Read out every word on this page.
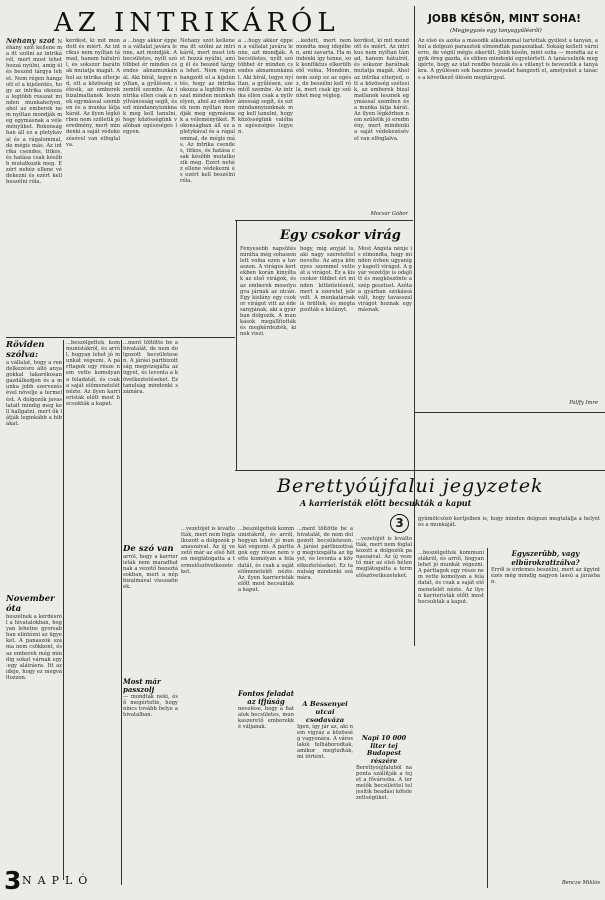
AZ INTRIKÁRÓL
Néhány szót Néhány szót kellene ma itt szólni az intrikáról, mert most lehet hozzá nyúlni, amíg él és beszéd tárgya lehet. Nem régen hangzott el a kijelentés, hogy az intrika okozza a legtöbb rosszat minden munkahelyen, ahol az emberek nem nyíltan mondják meg egymásnak a véleményüket. Rokonságban áll ez a pletykával és a rágalommal, de mégis más. Az intrika csendes, titkos, és hatása csak később mutatkozik meg. Ezért nehéz ellene védekezni és ezért kell beszélni róla.
kérdést, ki mit mondott és miért. Az intrikus nem nyíltan támad, hanem hátulról, és sokszor barátnak mutatja magát. Ahol az intrika elterjed, ott a közösség szétesik, az emberek bizalmatlanok lesznek egymással szemben és a munka látja kárát. Az ilyen légkörben nem születik jó eredmény, mert mindenki a saját védekezésével van elfoglalva.
a ...hogy akkor éppen a vállalat javára lenne, azt mondják. A becsületes, nyílt szó többet ér minden csendes aknamunkánál. Aki bírál, tegye nyíltan, a gyűlésen, szemtől szembe. Az intrika ellen csak a nyilvánosság segít, és ezt mindannyiunknak meg kell tanulni, hogy közösségünk valóban egészséges legyen.
Néhány szót kellene ma itt szólni az intrikáról, mert most lehet hozzá nyúlni, amíg él és beszéd tárgya lehet. Nem régen hangzott el a kijelentés, hogy az intrika okozza a legtöbb rosszat minden munkahelyen, ahol az emberek nem nyíltan mondják meg egymásnak a véleményüket. Rokonságban áll ez a pletykával és a rágalommal, de mégis más. Az intrika csendes, titkos, és hatása csak később mutatkozik meg. Ezért nehéz ellene védekezni és ezért kell beszélni róla.
a ...hogy akkor éppen a vállalat javára lenne, azt mondják. A becsületes, nyílt szó többet ér minden csendes aknamunkánál. Aki bírál, tegye nyíltan, a gyűlésen, szemtől szembe. Az intrika ellen csak a nyilvánosság segít, és ezt mindannyiunknak meg kell tanulni, hogy közösségünk valóban egészséges legyen.
...kedett, mert nem mondta meg idejében, ami zavarta. Ha mindenki így tenne, sok konfliktus elkerülhető volna. Mondom, nem szép ez az egész, de beszélni kell róla, mert csak így szűnhet meg végleg.
kérdést, ki mit mondott és miért. Az intrikus nem nyíltan támad, hanem hátulról, és sokszor barátnak mutatja magát. Ahol az intrika elterjed, ott a közösség szétesik, az emberek bizalmatlanok lesznek egymással szemben és a munka látja kárát. Az ilyen légkörben nem születik jó eredmény, mert mindenki a saját védekezésével van elfoglalva.
Mocsár Gábor
Röviden szólva:
a vállalat, hogy a rendelkezésre álló anyagokkal takarékosan gazdálkodjon és a munka jobb szervezésével növelje a termelést. A dolgozók javaslatait mindig meg kell hallgatni, mert ők látják leginkább a hibákat.
November óta
beszélnek a kérdésről a hivatalokban, hogyan lehetne gyorsabban elintézni az ügyeket. A panaszok száma nem csökkent, és az emberek még mindig sokat várnak egy-egy aláírásra. Itt az ideje, hogy ez megváltozzon.
JOBB KÉSŐN, MINT SOHA!
(Megjegyzés egy tanyagyűlésről)
Az első és azóta a második alkalommal tartottak gyűlést a tanyán, ahol a dolgozó parasztok elmondták panaszaikat. Sokáig kellett várni erre, de végül mégis sikerült. Jobb későn, mint soha — mondta az egyik öreg gazda, és ebben mindenki egyetértett. A tanácselnök megígérte, hogy az utat rendbe hozzák és a villanyt is bevezetik a tanyákra. A gyűlésen sok hasznos javaslat hangzott el, amelyeket a tanács a következő ülésén megtárgyal.
Pálffy Imre
Egy csokor virág
Fényesebb napsütés mintha még sohasem lett volna ezen a tavaszon. A virágos kertekben korán kinyíltak az első virágok, és az emberek mosolyogva járnak az utcán. Egy kislány egy csokor virágot vitt az édesanyjának, aki a gyárban dolgozik. A munkások megállították és megkérdezték, kinek viszi.
hogy, mig anyját is, aki nagy szeretettel nevelte. Az anya könnyes szemmel vette át a virágot. Ez a kis csokor többet ért minden kitüntetésnél, mert a szeretet jele volt. A munkatársak is örültek, és megtapsolták a kislányt.
Most Angéla nénje is elmondta, hogy minden évben ugyanígy kapott virágot. A gyár vezetője is odajött és megköszönte a szép gesztust. Azóta a gyárban szokássá vált, hogy tavasszal virágot hoznak egymásnak.
Berettyóújfalui jegyzetek
A karrieristák előtt becsukták a kaput
3
...beszélgettek kommunistákról, és arról, hogyan lehet jó munkát végezni. A párttagok egy része nem vette komolyan a feladatát, és csak a saját előmenetelét nézte. Az ilyen karrieristák előtt most becsukták a kaput.
...ment töltötte be a hivatalát, de nem dolgozott becsületesen. A járási pártbizottság megvizsgálta az ügyet, és levonta a következtetéseket. Ez tanulság mindenki számára.
De szó van
arról, hogy a karrieristák nem maradhatnak a vezető beosztásokban, mert a nép bizalmával visszaélnek.
Most már passzolj
— mondták neki, és ő megértette, hogy nincs tovább helye a hivatalban.
...vezetőjét is leváltották, mert nem foglalkozott a dolgozók panaszaival. Az új vezető már az első héten meglátogatta a termelőszövetkezeteket.
...beszélgettek kommunistákról, és arról, hogyan lehet jó munkát végezni. A párttagok egy része nem vette komolyan a feladatát, és csak a saját előmenetelét nézte. Az ilyen karrieristák előtt most becsukták a kaput.
Fontos feladat az ifjúság
nevelése, hogy a fiatalok becsületes, munkaszerető emberekké váljanak.
...ment töltötte be a hivatalát, de nem dolgozott becsületesen. A járási pártbizottság megvizsgálta az ügyet, és levonta a következtetéseket. Ez tanulság mindenki számára.
A Bessenyei utcai csodaváza
Igen, így jár az, aki nem vigyáz a közösség vagyonára. A város lakói felháborodtak, amikor megtudták, mi történt.
...vezetőjét is leváltották, mert nem foglalkozott a dolgozók panaszaival. Az új vezető már az első héten meglátogatta a termelőszövetkezeteket.
Napi 10 000 liter tej Budapest részére
Berettyóújfaluból naponta szállítják a tejet a fővárosba. A termelők becsülettel teljesítik beadási kötelezettségüket.
gyümölcsöző kertjeiben is, hogy minden dolgozó megtalálja a helyét és a munkáját.
...beszélgettek kommunistákról, és arról, hogyan lehet jó munkát végezni. A párttagok egy része nem vette komolyan a feladatát, és csak a saját előmenetelét nézte. Az ilyen karrieristák előtt most becsukták a kaput.
Egyszerűbb, vagy elbürokratizálva?
Erről is érdemes beszélni, mert az ügyintézés még mindig nagyon lassú a járásban.
Bencze Miklós
3 NAPLÓ
